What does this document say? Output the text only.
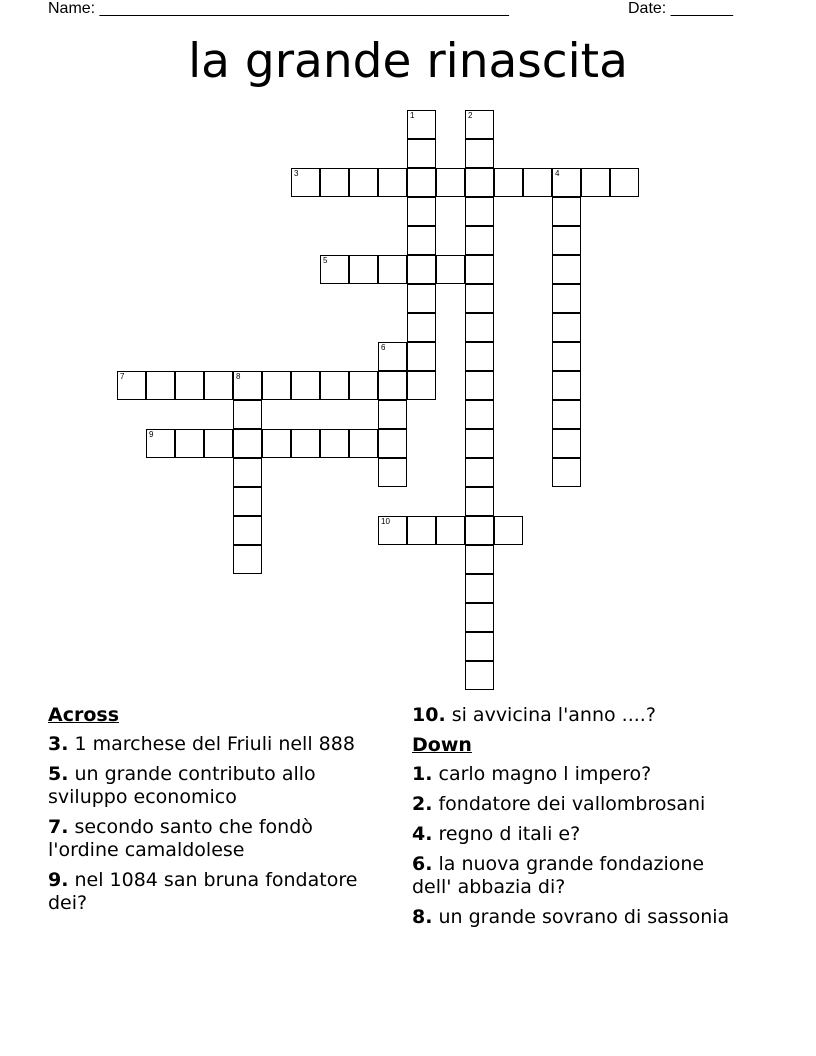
Name: ______________________________________________	Date: _______
la grande rinascita
1	2
3	4
5
6
7	8
9
10
Across
3. 1 marchese del Friuli nell 888
5. un grande contributo allo sviluppo economico
7. secondo santo che fondò l'ordine camaldolese
9. nel 1084 san bruna fondatore dei?
10. si avvicina l'anno ....?
Down
1. carlo magno l impero?
2. fondatore dei vallombrosani
4. regno d itali e?
6. la nuova grande fondazione dell' abbazia di?
8. un grande sovrano di sassonia
